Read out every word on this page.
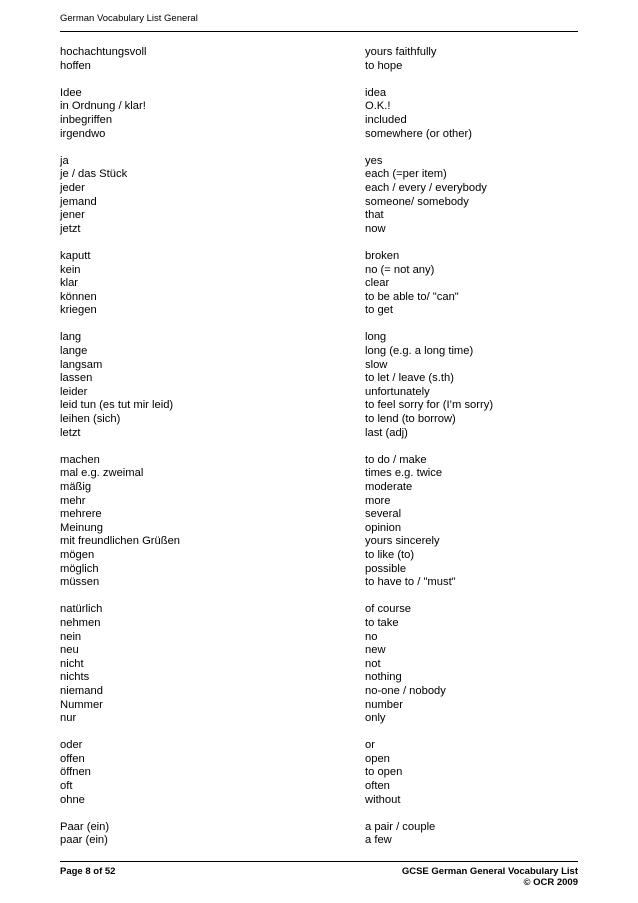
German Vocabulary List General
hochachtungsvoll	yours faithfully
hoffen	to hope
Idee	idea
in Ordnung / klar!	O.K.!
inbegriffen	included
irgendwo	somewhere (or other)
ja	yes
je / das Stück	each (=per item)
jeder	each / every / everybody
jemand	someone/ somebody
jener	that
jetzt	now
kaputt	broken
kein	no (= not any)
klar	clear
können	to be able to/ "can"
kriegen	to get
lang	long
lange	long (e.g. a long time)
langsam	slow
lassen	to let / leave (s.th)
leider	unfortunately
leid tun (es tut mir leid)	to feel sorry for (I’m sorry)
leihen (sich)	to lend (to borrow)
letzt	last (adj)
machen	to do / make
mal e.g. zweimal	times e.g. twice
mäßig	moderate
mehr	more
mehrere	several
Meinung	opinion
mit freundlichen Grüßen	yours sincerely
mögen	to like (to)
möglich	possible
müssen	to have to / "must"
natürlich	of course
nehmen	to take
nein	no
neu	new
nicht	not
nichts	nothing
niemand	no-one / nobody
Nummer	number
nur	only
oder	or
offen	open
öffnen	to open
oft	often
ohne	without
Paar (ein)	a pair / couple
paar (ein)	a few
Page 8 of 52	GCSE German General Vocabulary List
© OCR 2009
